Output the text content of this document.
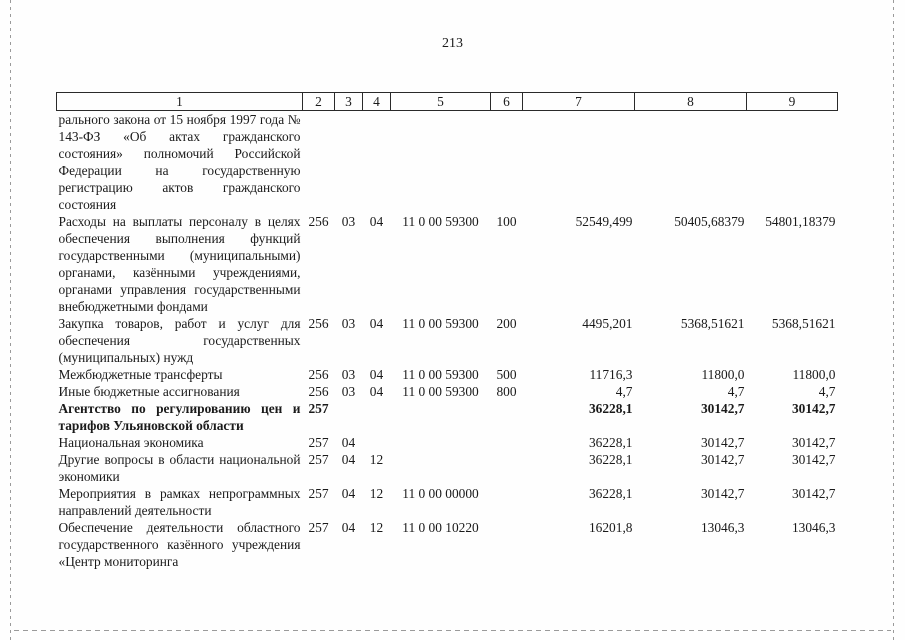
213
1	2	3	4	5	6	7	8	9
рального закона от 15 ноября 1997 года № 143-ФЗ «Об актах гражданского состояния» полномочий Российской Федерации на государственную регистрацию актов гражданского состояния								
Расходы на выплаты персоналу в целях обеспечения выполнения функций государственными (муниципальными) органами, казёнными учреждениями, органами управления государственными внебюджетными фондами	256	03	04	11 0 00 59300	100	52549,499	50405,68379	54801,18379
Закупка товаров, работ и услуг для обеспечения государственных (муниципальных) нужд	256	03	04	11 0 00 59300	200	4495,201	5368,51621	5368,51621
Межбюджетные трансферты	256	03	04	11 0 00 59300	500	11716,3	11800,0	11800,0
Иные бюджетные ассигнования	256	03	04	11 0 00 59300	800	4,7	4,7	4,7
Агентство по регулированию цен и тарифов Ульяновской области	257					36228,1	30142,7	30142,7
Национальная экономика	257	04				36228,1	30142,7	30142,7
Другие вопросы в области национальной экономики	257	04	12			36228,1	30142,7	30142,7
Мероприятия в рамках непрограммных направлений деятельности	257	04	12	11 0 00 00000		36228,1	30142,7	30142,7
Обеспечение деятельности областного государственного казённого учреждения «Центр мониторинга	257	04	12	11 0 00 10220		16201,8	13046,3	13046,3
